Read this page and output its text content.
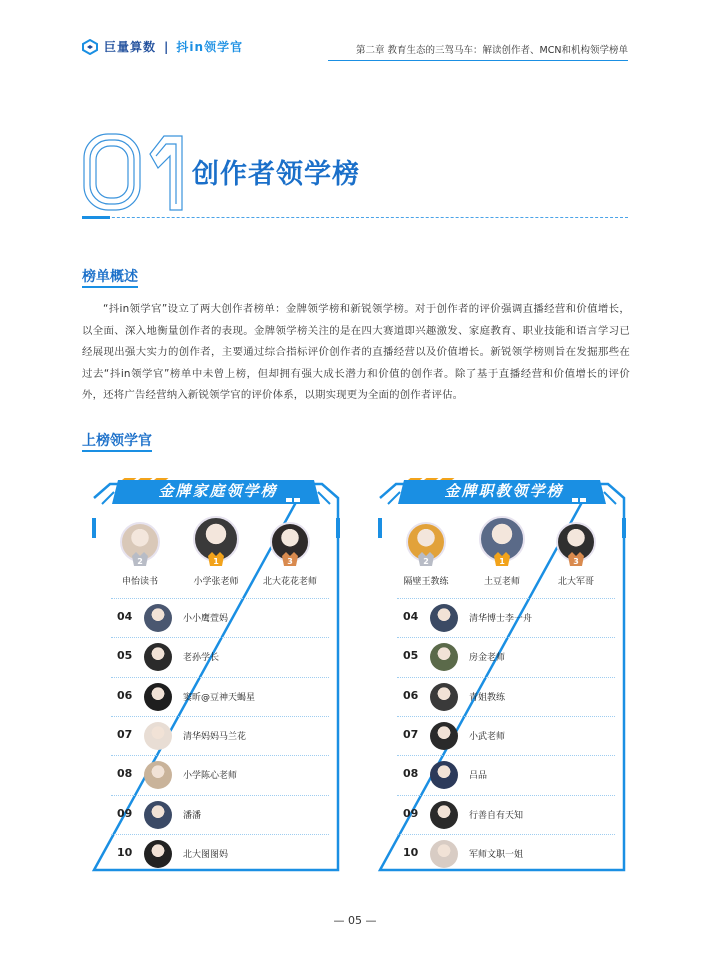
巨量算数 | 抖in领学官	第二章 教育生态的三驾马车：解读创作者、MCN和机构领学榜单
创作者领学榜
榜单概述
“抖in领学官”设立了两大创作者榜单：金牌领学榜和新锐领学榜。对于创作者的评价强调直播经营和价值增长，以全面、深入地衡量创作者的表现。金牌领学榜关注的是在四大赛道即兴趣激发、家庭教育、职业技能和语言学习已经展现出强大实力的创作者，主要通过综合指标评价创作者的直播经营以及价值增长。新锐领学榜则旨在发掘那些在过去“抖in领学官”榜单中未曾上榜，但却拥有强大成长潜力和价值的创作者。除了基于直播经营和价值增长的评价外，还将广告经营纳入新锐领学官的评价体系，以期实现更为全面的创作者评估。
上榜领学官
金牌家庭领学榜
2
申怡读书
1
小学张老师
3
北大花花老师
04	小小鹰萱妈
05	老孙学长
06	窦昕@豆神天蝎星
07	清华妈妈马兰花
08	小学陈心老师
09	潘潘
10	北大图图妈
金牌职教领学榜
2
隔壁王教练
1
土豆老师
3
北大军哥
04	清华博士李一舟
05	房金老师
06	青姐教练
07	小武老师
08	吕品
09	行善自有天知
10	军师文职一姐
— 05 —
